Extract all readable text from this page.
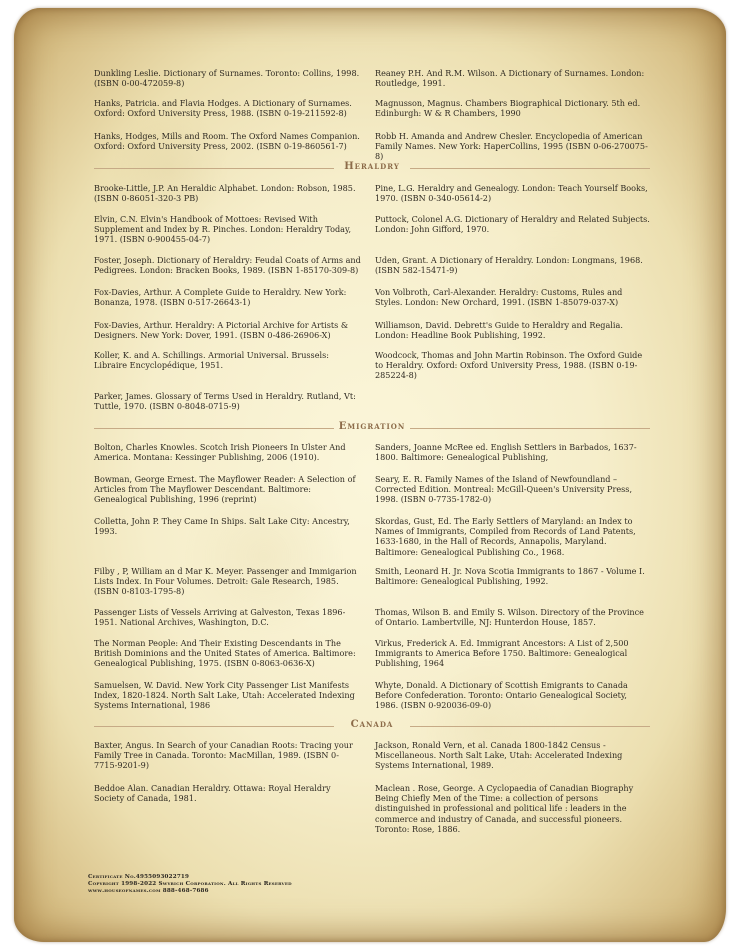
Dunkling Leslie. Dictionary of Surnames. Toronto: Collins, 1998. (ISBN 0-00-472059-8)

Hanks, Patricia. and Flavia Hodges. A Dictionary of Surnames. Oxford: Oxford University Press, 1988. (ISBN 0-19-211592-8)

Hanks, Hodges, Mills and Room. The Oxford Names Companion. Oxford: Oxford University Press, 2002. (ISBN 0-19-860561-7)

Reaney P.H. And R.M. Wilson. A Dictionary of Surnames. London: Routledge, 1991.

Magnusson, Magnus. Chambers Biographical Dictionary. 5th ed. Edinburgh: W & R Chambers, 1990

Robb H. Amanda and Andrew Chesler. Encyclopedia of American Family Names. New York: HaperCollins, 1995 (ISBN 0-06-270075-8)

Heraldry

Brooke-Little, J.P. An Heraldic Alphabet. London: Robson, 1985. (ISBN 0-86051-320-3 PB)

Elvin, C.N. Elvin's Handbook of Mottoes: Revised With Supplement and Index by R. Pinches. London: Heraldry Today, 1971. (ISBN 0-900455-04-7)

Foster, Joseph. Dictionary of Heraldry: Feudal Coats of Arms and Pedigrees. London: Bracken Books, 1989. (ISBN 1-85170-309-8)

Fox-Davies, Arthur. A Complete Guide to Heraldry. New York: Bonanza, 1978. (ISBN 0-517-26643-1)

Fox-Davies, Arthur. Heraldry: A Pictorial Archive for Artists & Designers. New York: Dover, 1991. (ISBN 0-486-26906-X)

Koller, K. and A. Schillings. Armorial Universal. Brussels: Libraire Encyclopédique, 1951.

Parker, James. Glossary of Terms Used in Heraldry. Rutland, Vt: Tuttle, 1970. (ISBN 0-8048-0715-9)

Pine, L.G. Heraldry and Genealogy. London: Teach Yourself Books, 1970. (ISBN 0-340-05614-2)

Puttock, Colonel A.G. Dictionary of Heraldry and Related Subjects. London: John Gifford, 1970.

Uden, Grant. A Dictionary of Heraldry. London: Longmans, 1968. (ISBN 582-15471-9)

Von Volbroth, Carl-Alexander. Heraldry: Customs, Rules and Styles. London: New Orchard, 1991. (ISBN 1-85079-037-X)

Williamson, David. Debrett's Guide to Heraldry and Regalia. London: Headline Book Publishing, 1992.

Woodcock, Thomas and John Martin Robinson. The Oxford Guide to Heraldry. Oxford: Oxford University Press, 1988. (ISBN 0-19-285224-8)

Emigration

Bolton, Charles Knowles. Scotch Irish Pioneers In Ulster And America. Montana: Kessinger Publishing, 2006 (1910).

Bowman, George Ernest. The Mayflower Reader: A Selection of Articles from The Mayflower Descendant. Baltimore: Genealogical Publishing, 1996 (reprint)

Colletta, John P. They Came In Ships. Salt Lake City: Ancestry, 1993.

Filby , P, William an d Mar K. Meyer. Passenger and Immigarion Lists Index. In Four Volumes. Detroit: Gale Research, 1985. (ISBN 0-8103-1795-8)

Passenger Lists of Vessels Arriving at Galveston, Texas 1896-1951. National Archives, Washington, D.C.

The Norman People: And Their Existing Descendants in The British Dominions and the United States of America. Baltimore: Genealogical Publishing, 1975. (ISBN 0-8063-0636-X)

Samuelsen, W. David. New York City Passenger List Manifests Index, 1820-1824. North Salt Lake, Utah: Accelerated Indexing Systems International, 1986

Sanders, Joanne McRee ed. English Settlers in Barbados, 1637-1800. Baltimore: Genealogical Publishing,

Seary, E. R. Family Names of the Island of Newfoundland – Corrected Edition. Montreal: McGill-Queen's University Press, 1998. (ISBN 0-7735-1782-0)

Skordas, Gust, Ed. The Early Settlers of Maryland: an Index to Names of Immigrants, Compiled from Records of Land Patents, 1633-1680, in the Hall of Records, Annapolis, Maryland. Baltimore: Genealogical Publishing Co., 1968.

Smith, Leonard H. Jr. Nova Scotia Immigrants to 1867 - Volume I. Baltimore: Genealogical Publishing, 1992.

Thomas, Wilson B. and Emily S. Wilson. Directory of the Province of Ontario. Lambertville, NJ: Hunterdon House, 1857.

Virkus, Frederick A. Ed. Immigrant Ancestors: A List of 2,500 Immigrants to America Before 1750. Baltimore: Genealogical Publishing, 1964

Whyte, Donald. A Dictionary of Scottish Emigrants to Canada Before Confederation. Toronto: Ontario Genealogical Society, 1986. (ISBN 0-920036-09-0)

Canada

Baxter, Angus. In Search of your Canadian Roots: Tracing your Family Tree in Canada. Toronto: MacMillan, 1989. (ISBN 0-7715-9201-9)

Beddoe Alan. Canadian Heraldry. Ottawa: Royal Heraldry Society of Canada, 1981.

Jackson, Ronald Vern, et al. Canada 1800-1842 Census - Miscellaneous. North Salt Lake, Utah: Accelerated Indexing Systems International, 1989.

Maclean . Rose, George. A Cyclopaedia of Canadian Biography Being Chiefly Men of the Time: a collection of persons distinguished in professional and political life : leaders in the commerce and industry of Canada, and successful pioneers. Toronto: Rose, 1886.

Certificate No.4955093022719
Copyright 1998-2022 Swyrich Corporation. All Rights Reserved
www.houseofnames.com 888-468-7686
